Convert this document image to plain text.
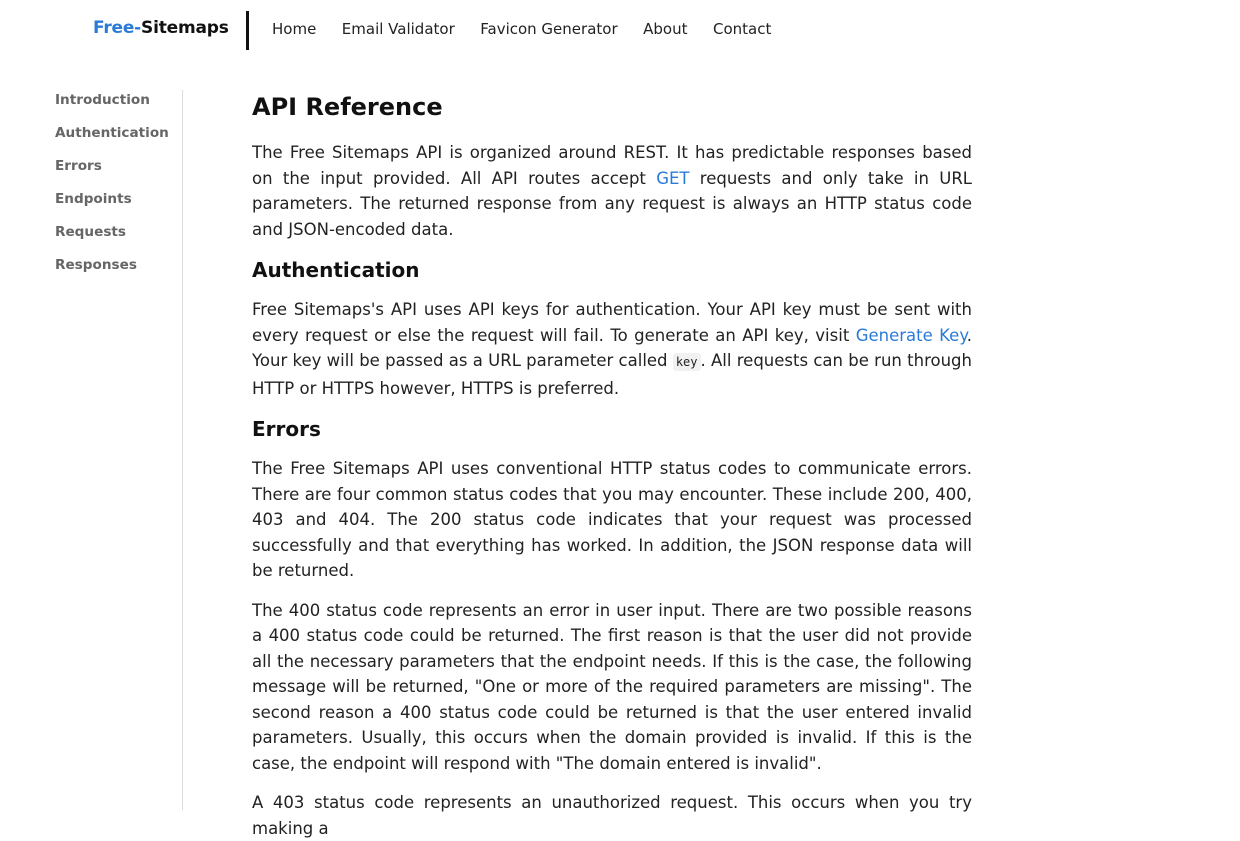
Free-Sitemaps	Home Email Validator Favicon Generator About Contact
Introduction
Authentication
Errors
Endpoints
Requests
Responses
API Reference

The Free Sitemaps API is organized around REST. It has predictable responses based on the input provided. All API routes accept GET requests and only take in URL parameters. The returned response from any request is always an HTTP status code and JSON-encoded data.

Authentication

Free Sitemaps's API uses API keys for authentication. Your API key must be sent with every request or else the request will fail. To generate an API key, visit Generate Key. Your key will be passed as a URL parameter called key . All requests can be run through HTTP or HTTPS however, HTTPS is preferred.

Errors

The Free Sitemaps API uses conventional HTTP status codes to communicate errors. There are four common status codes that you may encounter. These include 200, 400, 403 and 404. The 200 status code indicates that your request was processed successfully and that everything has worked. In addition, the JSON response data will be returned.

The 400 status code represents an error in user input. There are two possible reasons a 400 status code could be returned. The first reason is that the user did not provide all the necessary parameters that the endpoint needs. If this is the case, the following message will be returned, "One or more of the required parameters are missing". The second reason a 400 status code could be returned is that the user entered invalid parameters. Usually, this occurs when the domain provided is invalid. If this is the case, the endpoint will respond with "The domain entered is invalid".

A 403 status code represents an unauthorized request. This occurs when you try making a
